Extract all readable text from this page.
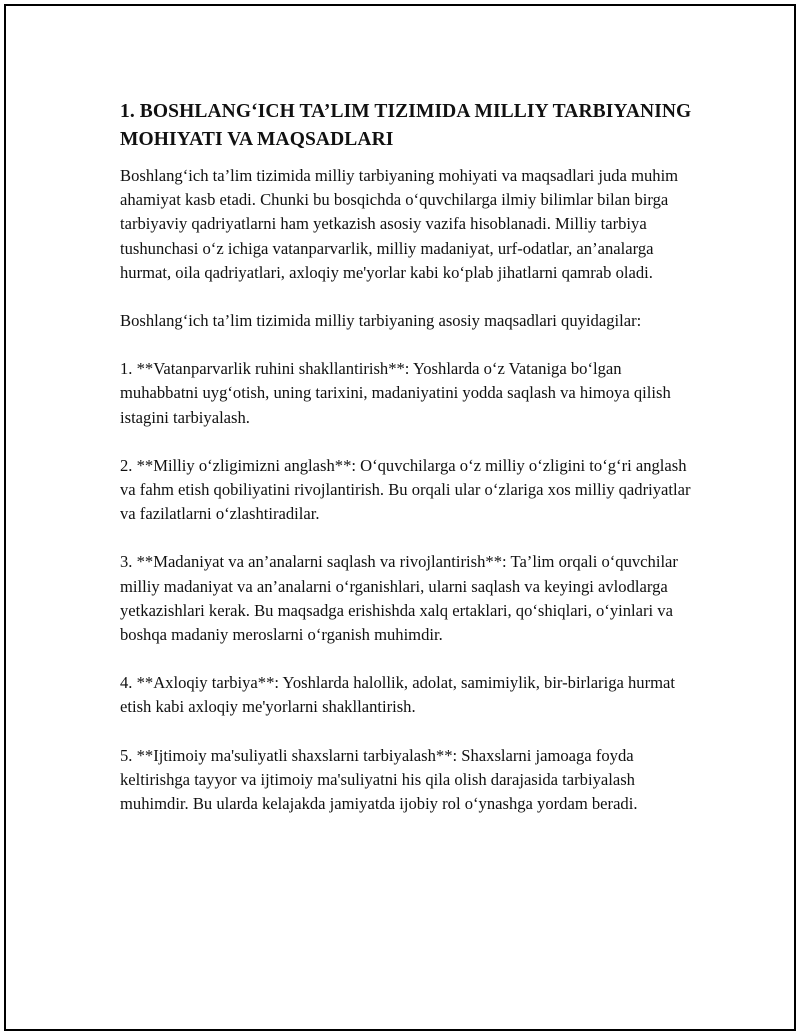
1. BOSHLANG‘ICH TA’LIM TIZIMIDA MILLIY TARBIYANING MOHIYATI VA MAQSADLARI

Boshlang‘ich ta’lim tizimida milliy tarbiyaning mohiyati va maqsadlari juda muhim ahamiyat kasb etadi. Chunki bu bosqichda o‘quvchilarga ilmiy bilimlar bilan birga tarbiyaviy qadriyatlarni ham yetkazish asosiy vazifa hisoblanadi. Milliy tarbiya tushunchasi o‘z ichiga vatanparvarlik, milliy madaniyat, urf-odatlar, an’analarga hurmat, oila qadriyatlari, axloqiy me'yorlar kabi ko‘plab jihatlarni qamrab oladi.

Boshlang‘ich ta’lim tizimida milliy tarbiyaning asosiy maqsadlari quyidagilar:

1. **Vatanparvarlik ruhini shakllantirish**: Yoshlarda o‘z Vataniga bo‘lgan muhabbatni uyg‘otish, uning tarixini, madaniyatini yodda saqlash va himoya qilish istagini tarbiyalash.

2. **Milliy o‘zligimizni anglash**: O‘quvchilarga o‘z milliy o‘zligini to‘g‘ri anglash va fahm etish qobiliyatini rivojlantirish. Bu orqali ular o‘zlariga xos milliy qadriyatlar va fazilatlarni o‘zlashtiradilar.

3. **Madaniyat va an’analarni saqlash va rivojlantirish**: Ta’lim orqali o‘quvchilar milliy madaniyat va an’analarni o‘rganishlari, ularni saqlash va keyingi avlodlarga yetkazishlari kerak. Bu maqsadga erishishda xalq ertaklari, qo‘shiqlari, o‘yinlari va boshqa madaniy meroslarni o‘rganish muhimdir.

4. **Axloqiy tarbiya**: Yoshlarda halollik, adolat, samimiylik, bir-birlariga hurmat etish kabi axloqiy me'yorlarni shakllantirish.

5. **Ijtimoiy ma'suliyatli shaxslarni tarbiyalash**: Shaxslarni jamoaga foyda keltirishga tayyor va ijtimoiy ma'suliyatni his qila olish darajasida tarbiyalash muhimdir. Bu ularda kelajakda jamiyatda ijobiy rol o‘ynashga yordam beradi.
